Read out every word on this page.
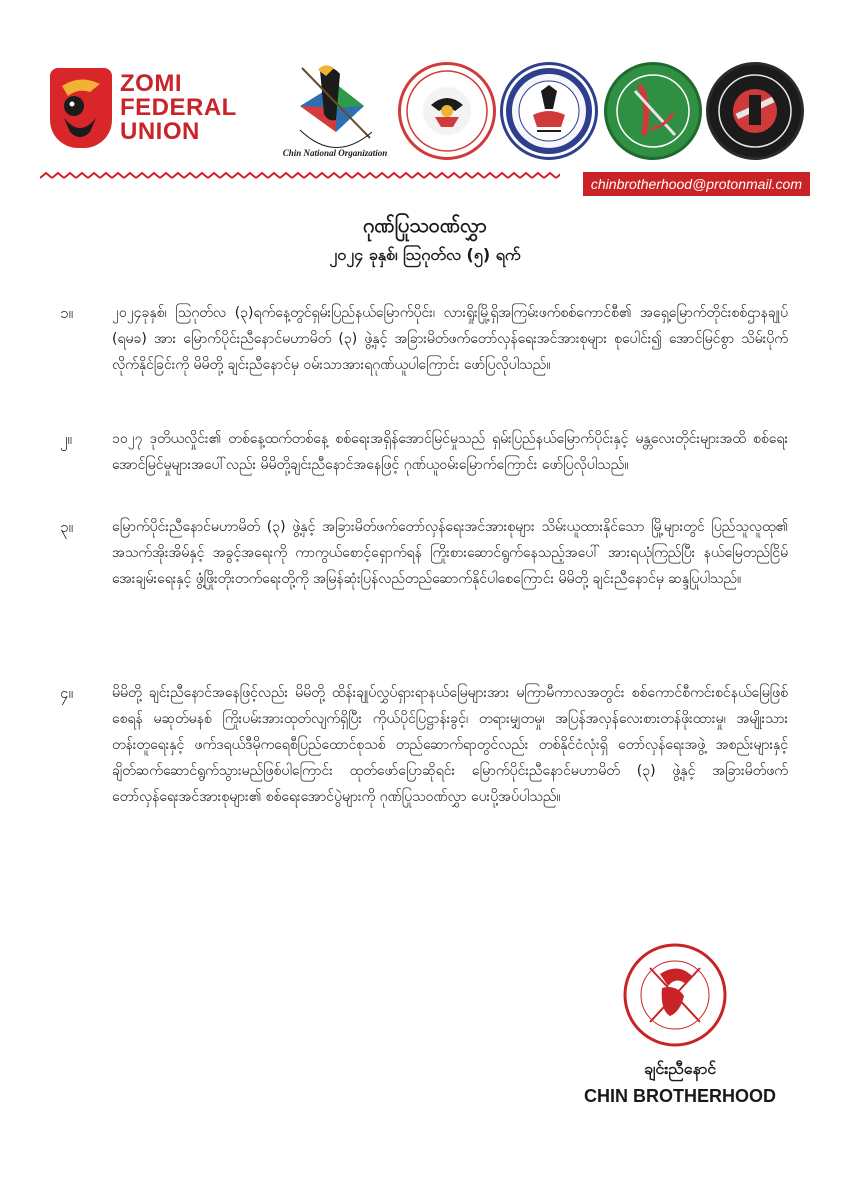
ZOMI
FEDERAL
UNION
Chin National Organization
chinbrotherhood@protonmail.com
ဂုဏ်ပြုသဝဏ်လွှာ
၂၀၂၄ ခုနှစ်၊ ဩဂုတ်လ (၅) ရက်
၁။	၂၀၂၄ခုနှစ်၊ ဩဂုတ်လ (၃)ရက်နေ့တွင်ရှမ်းပြည်နယ်မြောက်ပိုင်း၊ လားရှိုးမြို့ရှိအကြမ်းဖက်စစ်ကောင်စီ၏ အရှေ့မြောက်တိုင်းစစ်ဌာနချုပ် (ရမခ) အား မြောက်ပိုင်းညီနောင်မဟာမိတ် (၃) ဖွဲ့နှင့် အခြားမိတ်ဖက်တော်လှန်ရေးအင်အားစုများ စုပေါင်း၍ အောင်မြင်စွာ သိမ်းပိုက်လိုက်နိုင်ခြင်းကို မိမိတို့ ချင်းညီနောင်မှ ဝမ်းသာအားရဂုဏ်ယူပါကြောင်း ဖော်ပြလိုပါသည်။
၂။	၁၀၂၇ ဒုတိယလှိုင်း၏ တစ်နေ့ထက်တစ်နေ့ စစ်ရေးအရှိန်အောင်မြင်မှုသည် ရှမ်းပြည်နယ်မြောက်ပိုင်းနှင့် မန္တလေးတိုင်းများအထိ စစ်ရေးအောင်မြင်မှုများအပေါ်လည်း မိမိတို့ချင်းညီနောင်အနေဖြင့် ဂုဏ်ယူဝမ်းမြောက်ကြောင်း ဖော်ပြလိုပါသည်။
၃။	မြောက်ပိုင်းညီနောင်မဟာမိတ် (၃) ဖွဲ့နှင့် အခြားမိတ်ဖက်တော်လှန်ရေးအင်အားစုများ သိမ်းယူထားနိုင်သော မြို့များတွင် ပြည်သူလူထု၏ အသက်အိုးအိမ်နှင့် အခွင့်အရေးကို ကာကွယ်စောင့်ရှောက်ရန် ကြိုးစားဆောင်ရွက်နေသည့်အပေါ် အားရယုံကြည်ပြီး နယ်မြေတည်ငြိမ်အေးချမ်းရေးနှင့် ဖွံ့ဖြိုးတိုးတက်ရေးတို့ကို အမြန်ဆုံးပြန်လည်တည်ဆောက်နိုင်ပါစေကြောင်း မိမိတို့ ချင်းညီနောင်မှ ဆန္ဒပြုပါသည်။
၄။	မိမိတို့ ချင်းညီနောင်အနေဖြင့်လည်း မိမိတို့ ထိန်းချုပ်လွှပ်ရှားရာနယ်မြေများအား မကြာမီကာလအတွင်း စစ်ကောင်စီကင်းစင်နယ်မြေဖြစ်စေရန် မဆုတ်မနစ် ကြိုးပမ်းအားထုတ်လျက်ရှိပြီး ကိုယ်ပိုင်ပြဋ္ဌာန်းခွင့်၊ တရားမျှတမှု၊ အပြန်အလှန်လေးစားတန်ဖိုးထားမှု၊ အမျိုးသားတန်းတူရေးနှင့် ဖက်ဒရယ်ဒီမိုကရေစီပြည်ထောင်စုသစ် တည်ဆောက်ရာတွင်လည်း တစ်နိုင်ငံလုံးရှိ တော်လှန်ရေးအဖွဲ့ အစည်းများနှင့် ချိတ်ဆက်ဆောင်ရွက်သွားမည်ဖြစ်ပါကြောင်း ထုတ်ဖော်ပြောဆိုရင်း မြောက်ပိုင်းညီနောင်မဟာမိတ် (၃) ဖွဲ့နှင့် အခြားမိတ်ဖက်တော်လှန်ရေးအင်အားစုများ၏ စစ်ရေးအောင်ပွဲများကို ဂုဏ်ပြုသဝဏ်လွှာ ပေးပို့အပ်ပါသည်။
ချင်းညီနောင်
CHIN BROTHERHOOD
